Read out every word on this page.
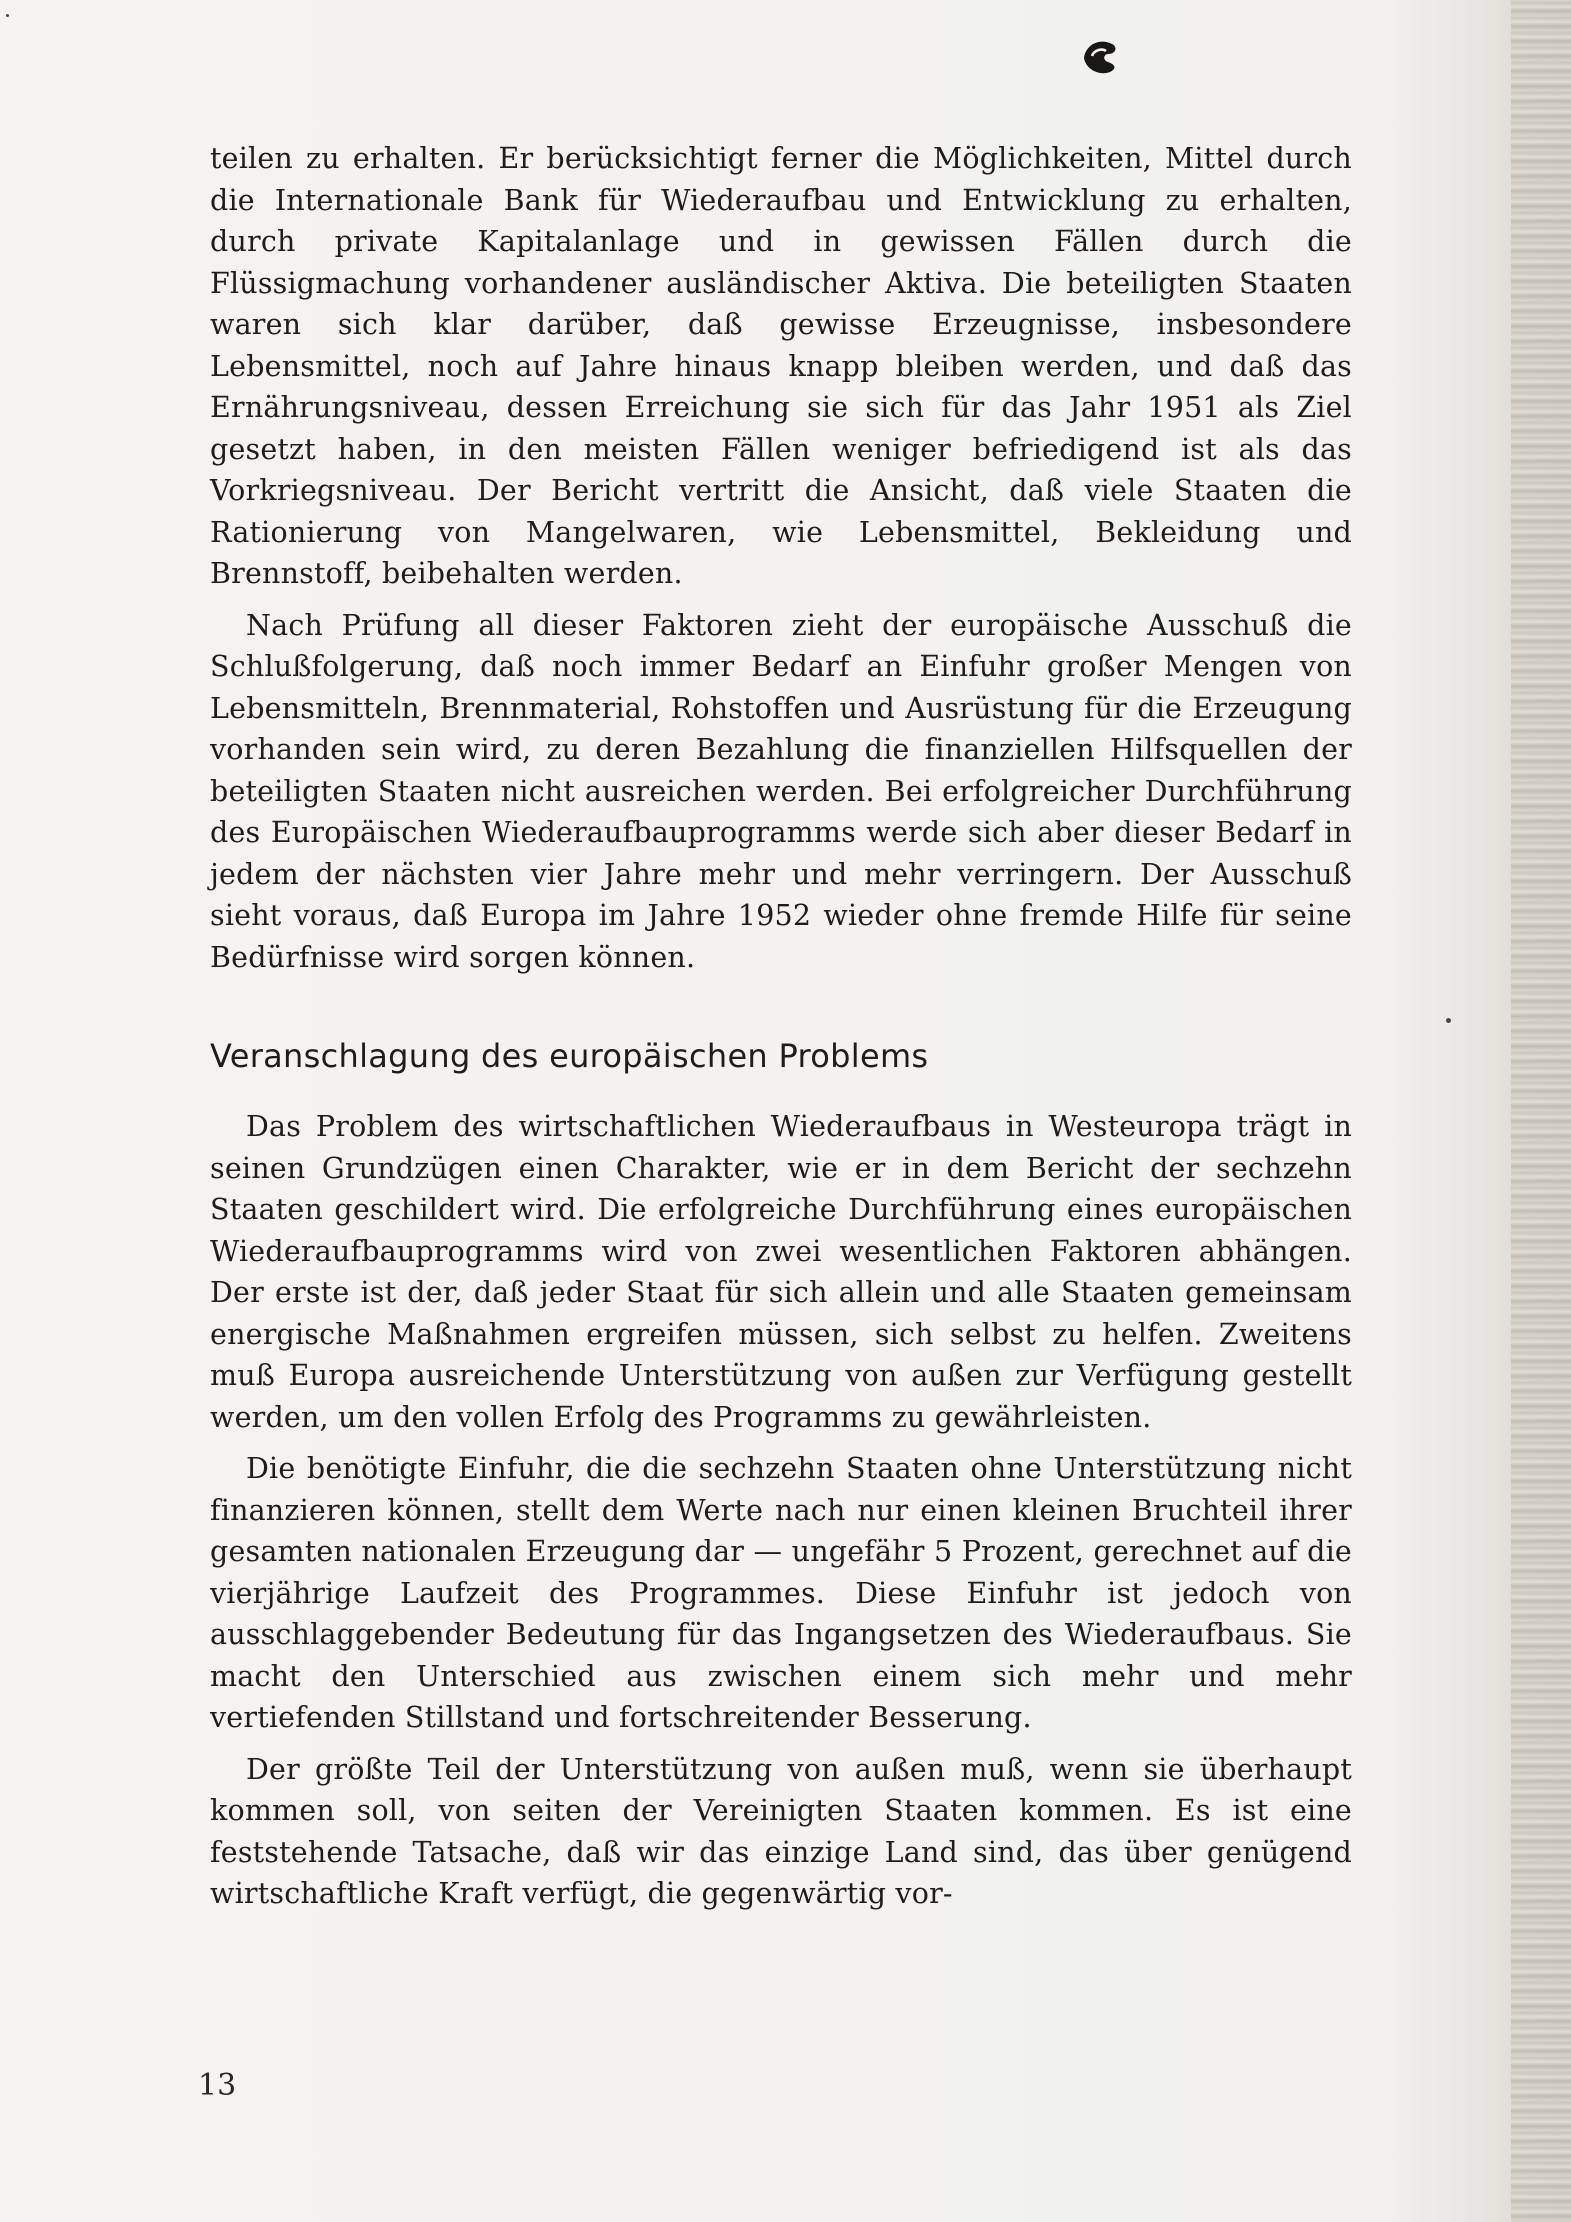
teilen zu erhalten. Er berücksichtigt ferner die Möglichkeiten, Mittel durch die Internationale Bank für Wiederaufbau und Entwicklung zu erhalten, durch private Kapitalanlage und in gewissen Fällen durch die Flüssigmachung vorhandener ausländischer Aktiva. Die beteiligten Staaten waren sich klar darüber, daß gewisse Erzeugnisse, insbesondere Lebensmittel, noch auf Jahre hinaus knapp bleiben werden, und daß das Ernährungsniveau, dessen Erreichung sie sich für das Jahr 1951 als Ziel gesetzt haben, in den meisten Fällen weniger befriedigend ist als das Vorkriegsniveau. Der Bericht vertritt die Ansicht, daß viele Staaten die Rationierung von Mangelwaren, wie Lebensmittel, Bekleidung und Brennstoff, beibehalten werden.

Nach Prüfung all dieser Faktoren zieht der europäische Ausschuß die Schlußfolgerung, daß noch immer Bedarf an Einfuhr großer Mengen von Lebensmitteln, Brennmaterial, Rohstoffen und Ausrüstung für die Erzeugung vorhanden sein wird, zu deren Bezahlung die finanziellen Hilfsquellen der beteiligten Staaten nicht ausreichen werden. Bei erfolgreicher Durchführung des Europäischen Wiederaufbauprogramms werde sich aber dieser Bedarf in jedem der nächsten vier Jahre mehr und mehr verringern. Der Ausschuß sieht voraus, daß Europa im Jahre 1952 wieder ohne fremde Hilfe für seine Bedürfnisse wird sorgen können.

Veranschlagung des europäischen Problems

Das Problem des wirtschaftlichen Wiederaufbaus in Westeuropa trägt in seinen Grundzügen einen Charakter, wie er in dem Bericht der sechzehn Staaten geschildert wird. Die erfolgreiche Durchführung eines europäischen Wiederaufbauprogramms wird von zwei wesentlichen Faktoren abhängen. Der erste ist der, daß jeder Staat für sich allein und alle Staaten gemeinsam energische Maßnahmen ergreifen müssen, sich selbst zu helfen. Zweitens muß Europa ausreichende Unterstützung von außen zur Verfügung gestellt werden, um den vollen Erfolg des Programms zu gewährleisten.

Die benötigte Einfuhr, die die sechzehn Staaten ohne Unterstützung nicht finanzieren können, stellt dem Werte nach nur einen kleinen Bruchteil ihrer gesamten nationalen Erzeugung dar — ungefähr 5 Prozent, gerechnet auf die vierjährige Laufzeit des Programmes. Diese Einfuhr ist jedoch von ausschlaggebender Bedeutung für das Ingangsetzen des Wiederaufbaus. Sie macht den Unterschied aus zwischen einem sich mehr und mehr vertiefenden Stillstand und fortschreitender Besserung.

Der größte Teil der Unterstützung von außen muß, wenn sie überhaupt kommen soll, von seiten der Vereinigten Staaten kommen. Es ist eine feststehende Tatsache, daß wir das einzige Land sind, das über genügend wirtschaftliche Kraft verfügt, die gegenwärtig vor-

13
